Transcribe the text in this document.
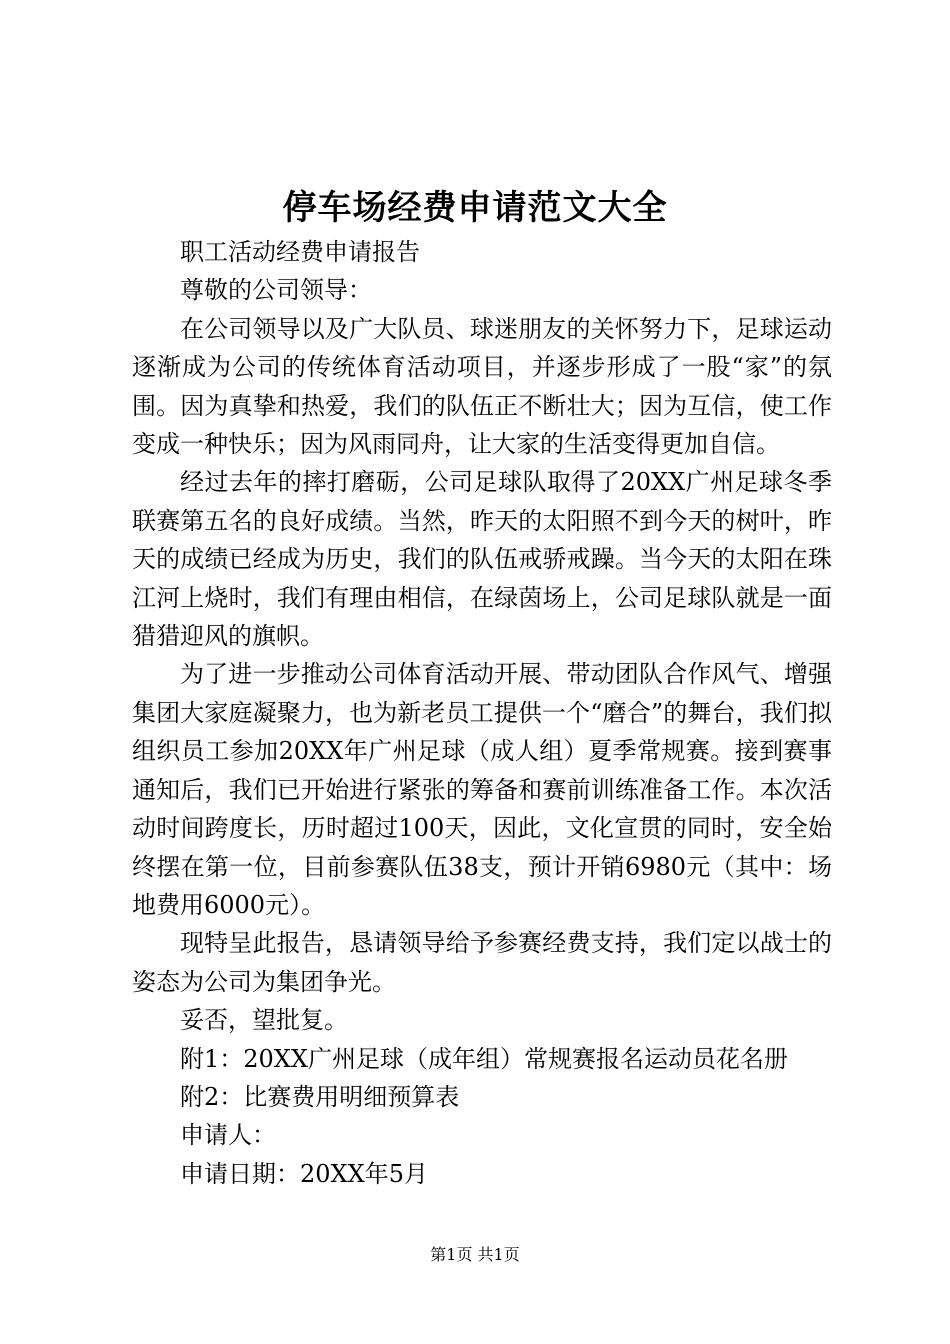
停车场经费申请范文大全

职工活动经费申请报告

尊敬的公司领导：

在公司领导以及广大队员、球迷朋友的关怀努力下，足球运动逐渐成为公司的传统体育活动项目，并逐步形成了一股“家”的氛围。因为真挚和热爱，我们的队伍正不断壮大；因为互信，使工作变成一种快乐；因为风雨同舟，让大家的生活变得更加自信。

经过去年的摔打磨砺，公司足球队取得了20XX广州足球冬季联赛第五名的良好成绩。当然，昨天的太阳照不到今天的树叶，昨天的成绩已经成为历史，我们的队伍戒骄戒躁。当今天的太阳在珠江河上烧时，我们有理由相信，在绿茵场上，公司足球队就是一面猎猎迎风的旗帜。

为了进一步推动公司体育活动开展、带动团队合作风气、增强集团大家庭凝聚力，也为新老员工提供一个“磨合”的舞台，我们拟组织员工参加20XX年广州足球（成人组）夏季常规赛。接到赛事通知后，我们已开始进行紧张的筹备和赛前训练准备工作。本次活动时间跨度长，历时超过100天，因此，文化宣贯的同时，安全始终摆在第一位，目前参赛队伍38支，预计开销6980元（其中：场地费用6000元）。

现特呈此报告，恳请领导给予参赛经费支持，我们定以战士的姿态为公司为集团争光。

妥否，望批复。

附1：20XX广州足球（成年组）常规赛报名运动员花名册

附2：比赛费用明细预算表

申请人：

申请日期：20XX年5月

第1页 共1页
